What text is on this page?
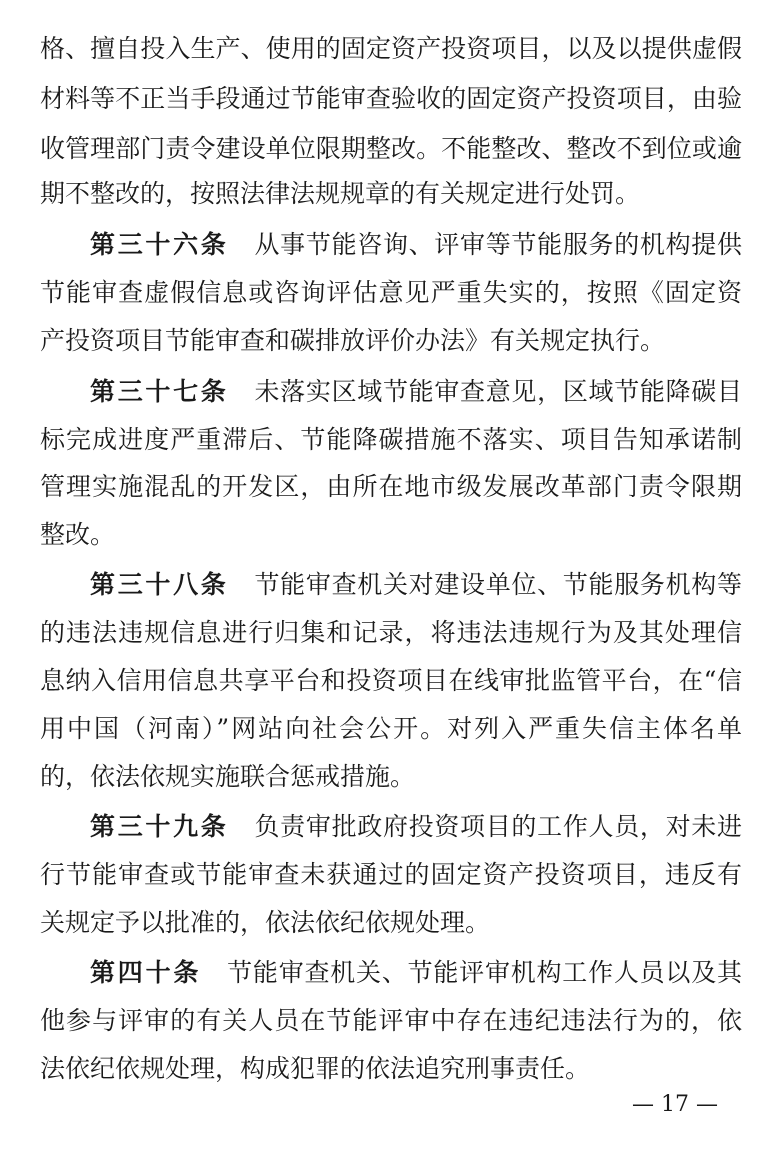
格、擅自投入生产、使用的固定资产投资项目，以及以提供虚假
材料等不正当手段通过节能审查验收的固定资产投资项目，由验
收管理部门责令建设单位限期整改。不能整改、整改不到位或逾
期不整改的，按照法律法规规章的有关规定进行处罚。
第三十六条 从事节能咨询、评审等节能服务的机构提供
节能审查虚假信息或咨询评估意见严重失实的，按照《固定资
产投资项目节能审查和碳排放评价办法》有关规定执行。
第三十七条 未落实区域节能审查意见，区域节能降碳目
标完成进度严重滞后、节能降碳措施不落实、项目告知承诺制
管理实施混乱的开发区，由所在地市级发展改革部门责令限期
整改。
第三十八条 节能审查机关对建设单位、节能服务机构等
的违法违规信息进行归集和记录，将违法违规行为及其处理信
息纳入信用信息共享平台和投资项目在线审批监管平台，在“信
用中国（河南）”网站向社会公开。对列入严重失信主体名单
的，依法依规实施联合惩戒措施。
第三十九条 负责审批政府投资项目的工作人员，对未进
行节能审查或节能审查未获通过的固定资产投资项目，违反有
关规定予以批准的，依法依纪依规处理。
第四十条 节能审查机关、节能评审机构工作人员以及其
他参与评审的有关人员在节能评审中存在违纪违法行为的，依
法依纪依规处理，构成犯罪的依法追究刑事责任。
— 17 —
